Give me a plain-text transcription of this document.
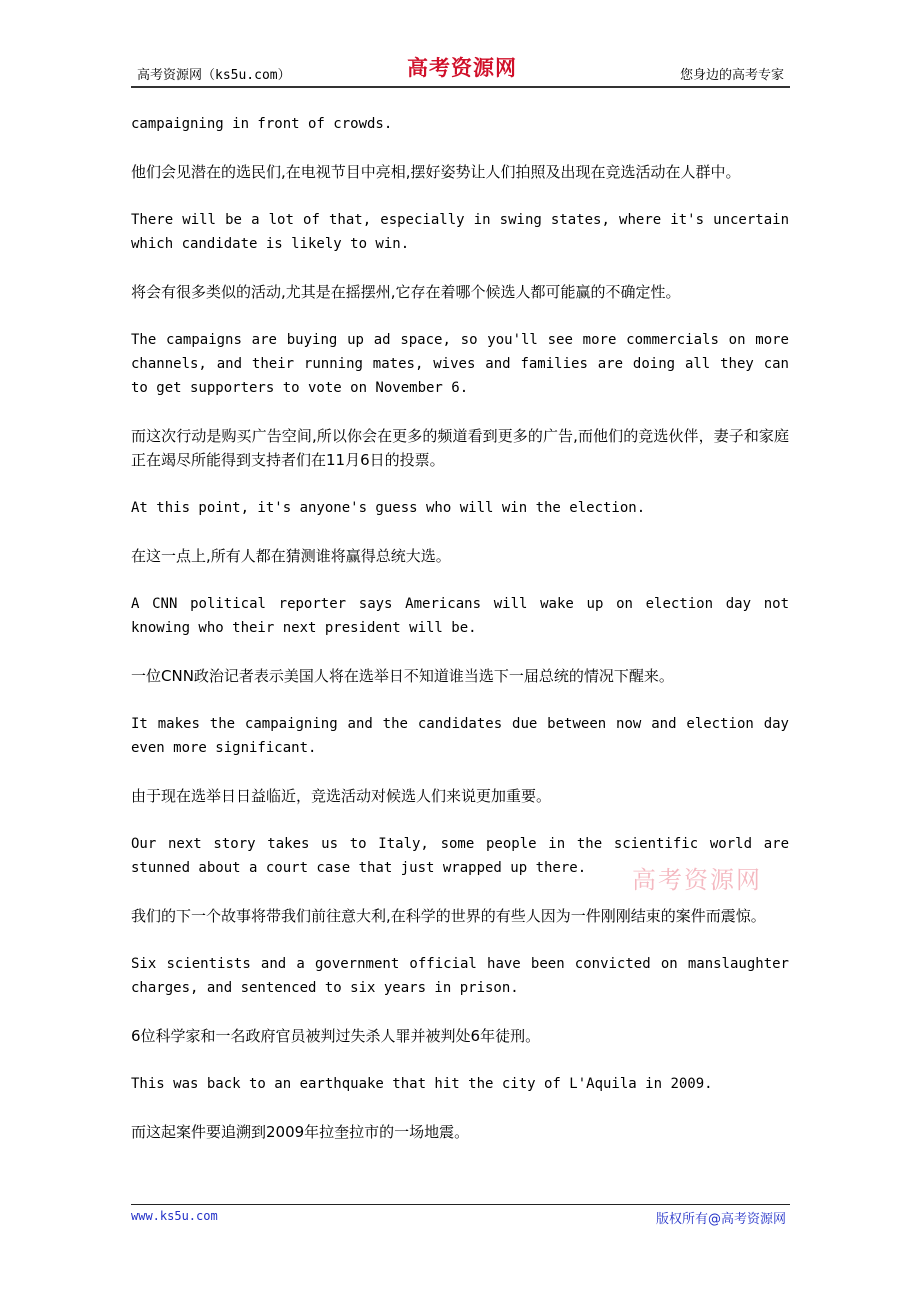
高考资源网（ks5u.com）	高考资源网	您身边的高考专家

campaigning in front of crowds.

他们会见潜在的选民们,在电视节目中亮相,摆好姿势让人们拍照及出现在竞选活动在人群中。

There will be a lot of that, especially in swing states, where it's uncertain which candidate is likely to win.

将会有很多类似的活动,尤其是在摇摆州,它存在着哪个候选人都可能赢的不确定性。

The campaigns are buying up ad space, so you'll see more commercials on more channels, and their running mates, wives and families are doing all they can to get supporters to vote on November 6.

而这次行动是购买广告空间,所以你会在更多的频道看到更多的广告,而他们的竞选伙伴，妻子和家庭正在竭尽所能得到支持者们在11月6日的投票。

At this point, it's anyone's guess who will win the election.

在这一点上,所有人都在猜测谁将赢得总统大选。

A CNN political reporter says Americans will wake up on election day not knowing who their next president will be.

一位CNN政治记者表示美国人将在选举日不知道谁当选下一届总统的情况下醒来。

It makes the campaigning and the candidates due between now and election day even more significant.

由于现在选举日日益临近，竞选活动对候选人们来说更加重要。

Our next story takes us to Italy, some people in the scientific world are stunned about a court case that just wrapped up there.

我们的下一个故事将带我们前往意大利,在科学的世界的有些人因为一件刚刚结束的案件而震惊。

Six scientists and a government official have been convicted on manslaughter charges, and sentenced to six years in prison.

6位科学家和一名政府官员被判过失杀人罪并被判处6年徒刑。

This was back to an earthquake that hit the city of L'Aquila in 2009.

而这起案件要追溯到2009年拉奎拉市的一场地震。

高考资源网
www.ks5u.com	版权所有@高考资源网
